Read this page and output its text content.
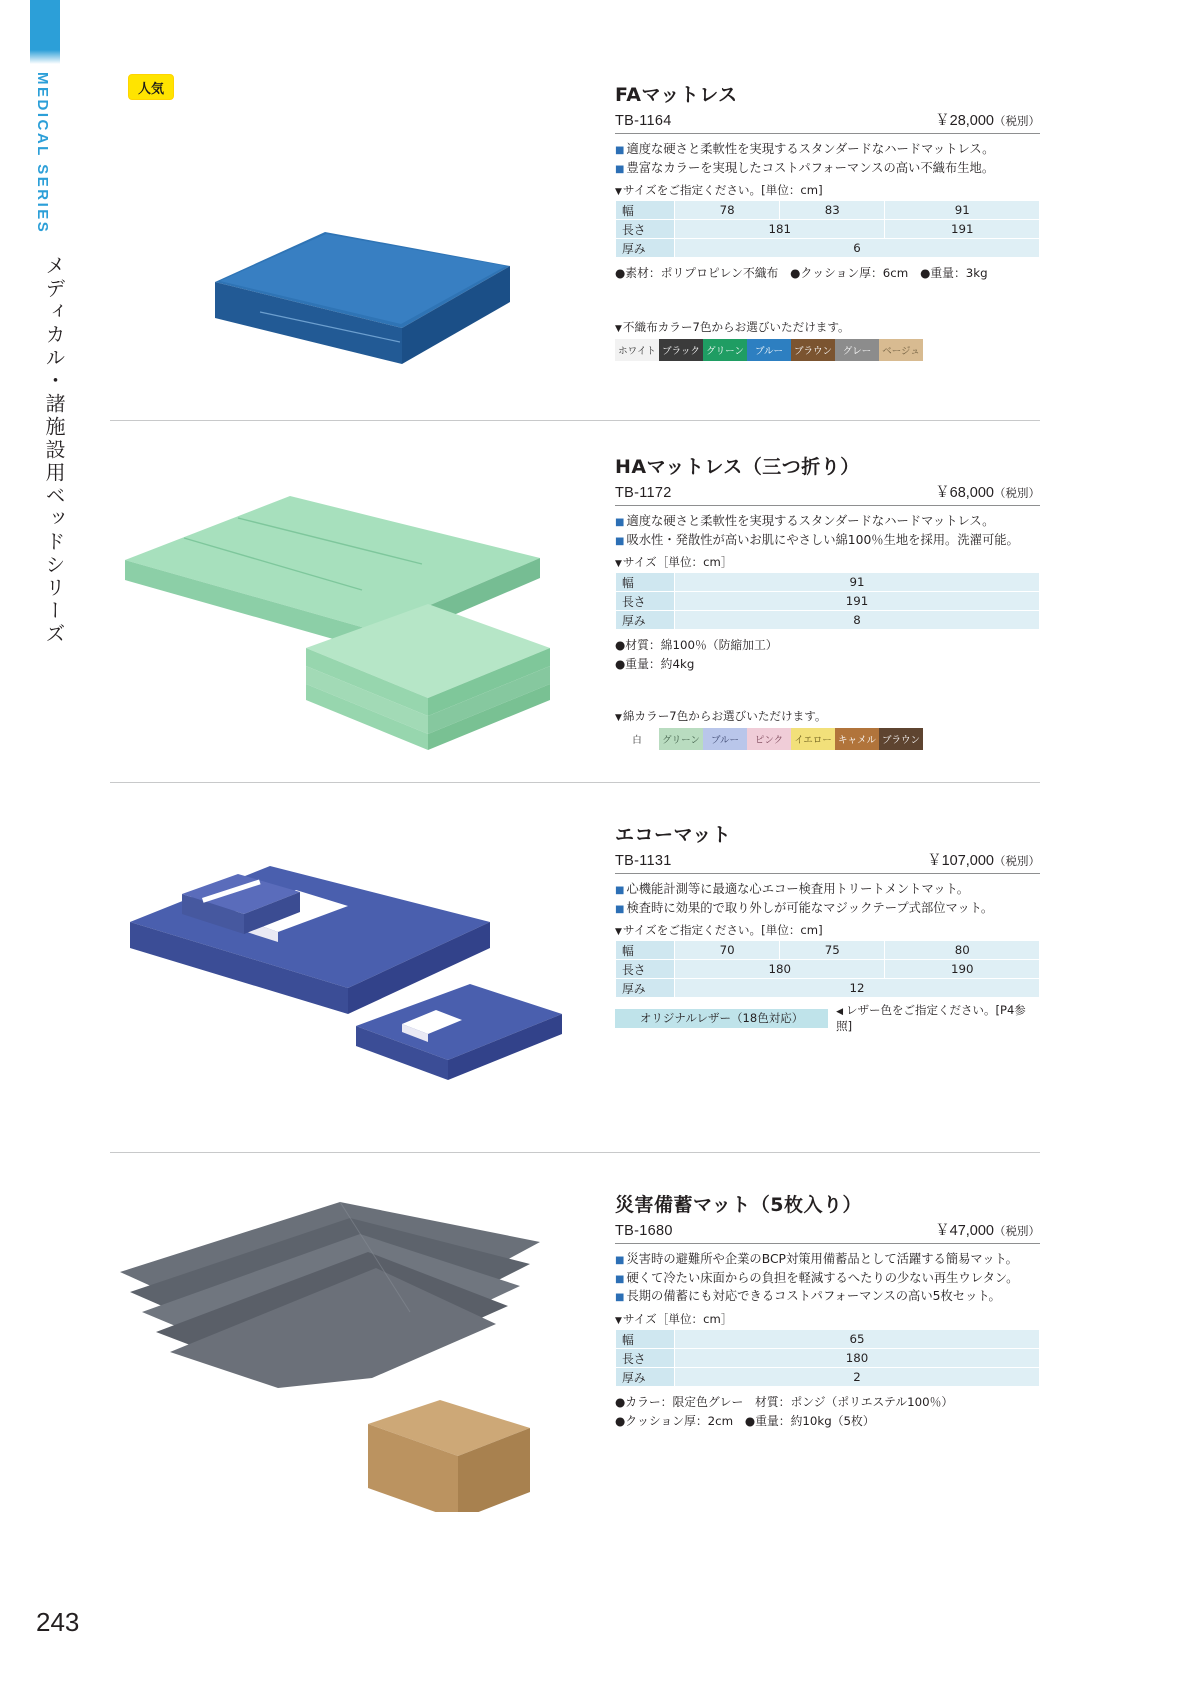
MEDICAL SERIES
メディカル・諸施設用ベッドシリーズ
243
人気	FAマットレス
TB-1164	￥28,000（税別）
■ 適度な硬さと柔軟性を実現するスタンダードなハードマットレス。
■ 豊富なカラーを実現したコストパフォーマンスの高い不織布生地。
▼ サイズをご指定ください。[単位：cm]
幅	78	83	91
長さ	181		191
厚み	6		
●素材：ポリプロピレン不織布　●クッション厚：6cm　●重量：3kg
▼ 不織布カラー7色からお選びいただけます。
ホワイト ブラック グリーン	ブルー	ブラウン	グレー	ベージュ
HAマットレス（三つ折り）
TB-1172	￥68,000（税別）
■ 適度な硬さと柔軟性を実現するスタンダードなハードマットレス。
■ 吸水性・発散性が高いお肌にやさしい綿100％生地を採用。洗濯可能。
▼ サイズ［単位：cm］
幅	91
長さ	191
厚み	8
●材質：綿100％（防縮加工）
●重量：約4kg
▼ 綿カラー7色からお選びいただけます。
白	グリーン	ブルー	ピンク	イエロー キャメル ブラウン
エコーマット
TB-1131	￥107,000（税別）
■ 心機能計測等に最適な心エコー検査用トリートメントマット。
■ 検査時に効果的で取り外しが可能なマジックテープ式部位マット。
▼ サイズをご指定ください。[単位：cm]
幅	70	75	80
長さ	180		190
厚み	12		
オリジナルレザー（18色対応）
◀ レザー色をご指定ください。[P4参照]
災害備蓄マット（5枚入り）
TB-1680	￥47,000（税別）
■ 災害時の避難所や企業のBCP対策用備蓄品として活躍する簡易マット。
■ 硬くて冷たい床面からの負担を軽減するへたりの少ない再生ウレタン。
■ 長期の備蓄にも対応できるコストパフォーマンスの高い5枚セット。
▼ サイズ［単位：cm］
幅	65
長さ	180
厚み	2
●カラー：限定色グレー　材質：ポンジ（ポリエステル100％）
●クッション厚：2cm　●重量：約10kg（5枚）
